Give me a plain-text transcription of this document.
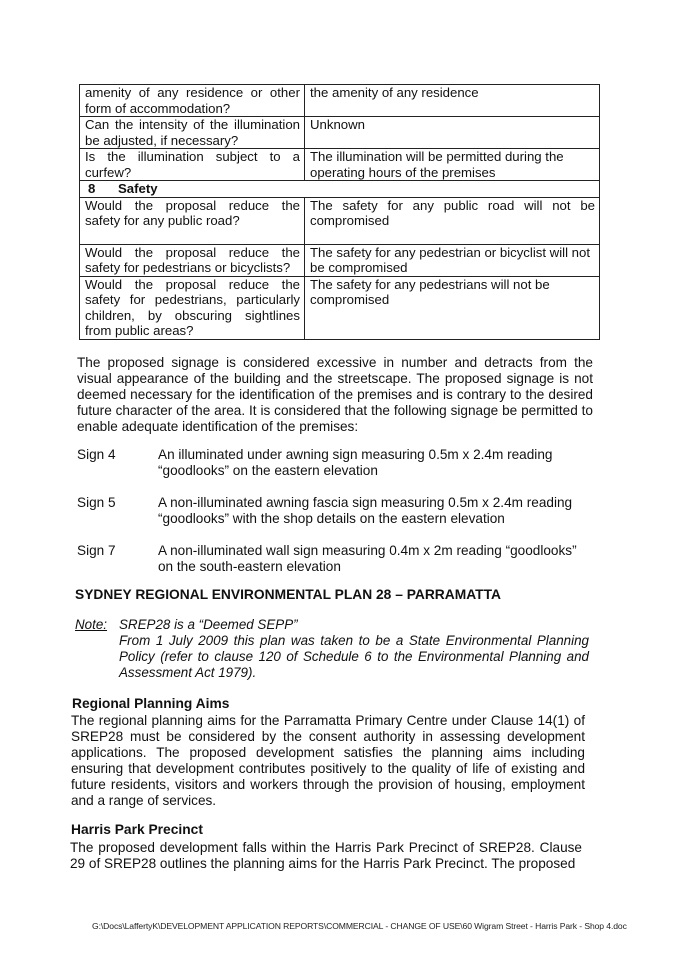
amenity of any residence or other form of accommodation?	the amenity of any residence
Can the intensity of the illumination be adjusted, if necessary?	Unknown
Is the illumination subject to a curfew?	The illumination will be permitted during the operating hours of the premises
8 Safety	
Would the proposal reduce the safety for any public road?	The safety for any public road will not be compromised
Would the proposal reduce the safety for pedestrians or bicyclists?	The safety for any pedestrian or bicyclist will not be compromised
Would the proposal reduce the safety for pedestrians, particularly children, by obscuring sightlines from public areas?	The safety for any pedestrians will not be compromised
The proposed signage is considered excessive in number and detracts from the visual appearance of the building and the streetscape. The proposed signage is not deemed necessary for the identification of the premises and is contrary to the desired future character of the area. It is considered that the following signage be permitted to enable adequate identification of the premises:
Sign 4	An illuminated under awning sign measuring 0.5m x 2.4m reading “goodlooks” on the eastern elevation
Sign 5	A non-illuminated awning fascia sign measuring 0.5m x 2.4m reading “goodlooks” with the shop details on the eastern elevation
Sign 7	A non-illuminated wall sign measuring 0.4m x 2m reading “goodlooks” on the south-eastern elevation
SYDNEY REGIONAL ENVIRONMENTAL PLAN 28 – PARRAMATTA
Note: SREP28 is a “Deemed SEPP”
From 1 July 2009 this plan was taken to be a State Environmental Planning Policy (refer to clause 120 of Schedule 6 to the Environmental Planning and Assessment Act 1979).
Regional Planning Aims
The regional planning aims for the Parramatta Primary Centre under Clause 14(1) of SREP28 must be considered by the consent authority in assessing development applications. The proposed development satisfies the planning aims including ensuring that development contributes positively to the quality of life of existing and future residents, visitors and workers through the provision of housing, employment and a range of services.
Harris Park Precinct
The proposed development falls within the Harris Park Precinct of SREP28. Clause 29 of SREP28 outlines the planning aims for the Harris Park Precinct. The proposed
G:\Docs\LaffertyK\DEVELOPMENT APPLICATION REPORTS\COMMERCIAL - CHANGE OF USE\60 Wigram Street - Harris Park - Shop 4.doc
